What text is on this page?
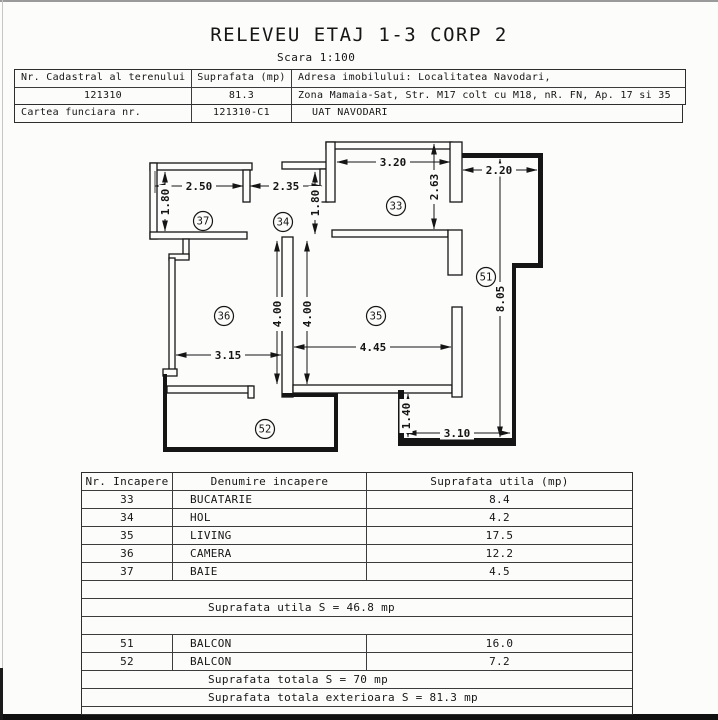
RELEVEU ETAJ 1-3 CORP 2
Scara 1:100
Nr. Cadastral al terenului	Suprafata (mp)	Adresa imobilului: Localitatea Navodari,
121310	81.3	Zona Mamaia-Sat, Str. M17 colt cu M18, nR. FN, Ap. 17 si 35
Cartea funciara nr.	121310-C1	UAT NAVODARI
2.50	2.35
1.80	1.80
3.20
2.63
2.20
8.05
4.00 4.00
3.15
4.45
1.40
3.10
37	34
33
36	35
51
52
Nr. Incapere	Denumire incapere	Suprafata utila (mp)
33	BUCATARIE	8.4
34	HOL	4.2
35	LIVING	17.5
36	CAMERA	12.2
37	BAIE	4.5
Suprafata utila S = 46.8 mp
51	BALCON	16.0
52	BALCON	7.2
Suprafata totala S = 70 mp
Suprafata totala exterioara S = 81.3 mp
